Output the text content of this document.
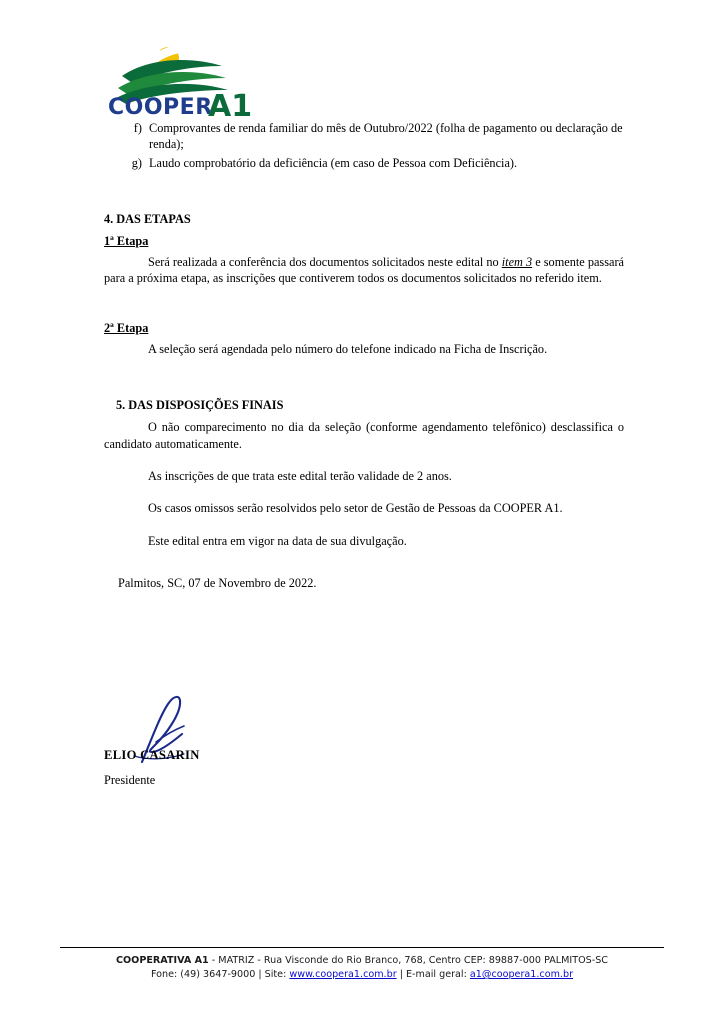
COOPER
A1
f) Comprovantes de renda familiar do mês de Outubro/2022 (folha de pagamento ou declaração de renda);
g) Laudo comprobatório da deficiência (em caso de Pessoa com Deficiência).
4. DAS ETAPAS
1ª Etapa

Será realizada a conferência dos documentos solicitados neste edital no item 3 e somente passará para a próxima etapa, as inscrições que contiverem todos os documentos solicitados no referido item.

2ª Etapa

A seleção será agendada pelo número do telefone indicado na Ficha de Inscrição.

5. DAS DISPOSIÇÕES FINAIS

O não comparecimento no dia da seleção (conforme agendamento telefônico) desclassifica o candidato automaticamente.

As inscrições de que trata este edital terão validade de 2 anos.

Os casos omissos serão resolvidos pelo setor de Gestão de Pessoas da COOPER A1.

Este edital entra em vigor na data de sua divulgação.

Palmitos, SC, 07 de Novembro de 2022.
ELIO CASARIN
Presidente
COOPERATIVA A1 - MATRIZ - Rua Visconde do Rio Branco, 768, Centro CEP: 89887-000 PALMITOS-SC
Fone: (49) 3647-9000 | Site: www.coopera1.com.br | E-mail geral: a1@coopera1.com.br
